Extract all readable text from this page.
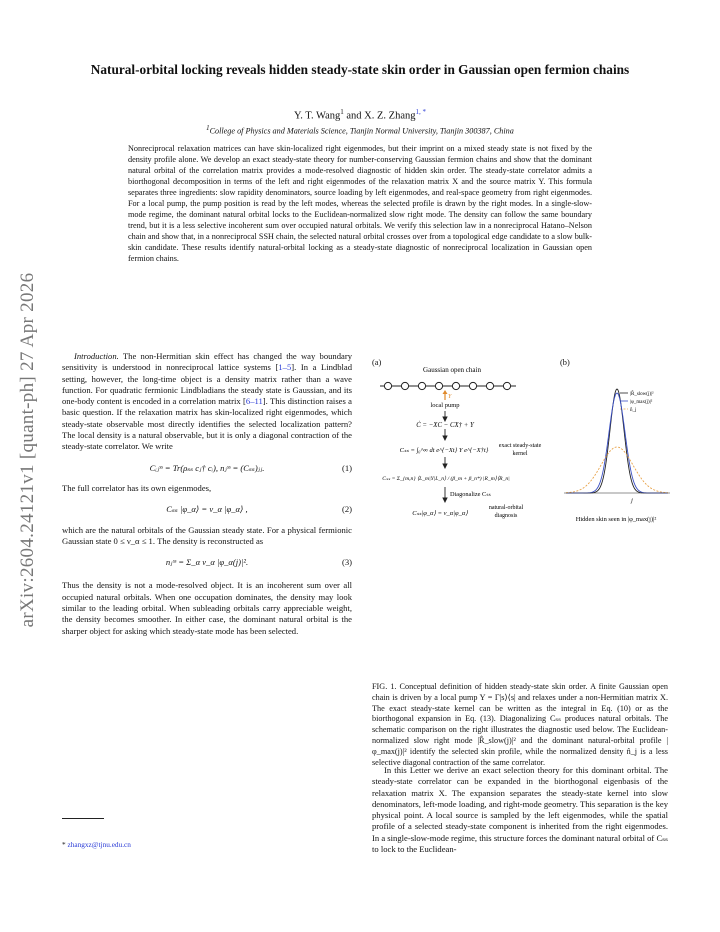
arXiv:2604.24121v1 [quant-ph] 27 Apr 2026
Natural-orbital locking reveals hidden steady-state skin order in Gaussian open fermion chains
Y. T. Wang$^1$ and X. Z. Zhang$^{1, *}$
$^1$College of Physics and Materials Science, Tianjin Normal University, Tianjin 300387, China
Nonreciprocal relaxation matrices can have skin-localized right eigenmodes, but their imprint on a mixed steady state is not fixed by the density profile alone. We develop an exact steady-state theory for number-conserving Gaussian fermion chains and show that the dominant natural orbital of the correlation matrix provides a mode-resolved diagnostic of hidden skin order. The steady-state correlator admits a biorthogonal decomposition in terms of the left and right eigenmodes of the relaxation matrix X and the source matrix Y. This formula separates three ingredients: slow rapidity denominators, source loading by left eigenmodes, and real-space geometry from right eigenmodes. For a local pump, the pump position is read by the left modes, whereas the selected profile is drawn by the right modes. In a single-slow-mode regime, the dominant natural orbital locks to the Euclidean-normalized slow right mode. The density can follow the same boundary trend, but it is a less selective incoherent sum over occupied natural orbitals. We verify this selection law in a nonreciprocal Hatano–Nelson chain and show that, in a nonreciprocal SSH chain, the selected natural orbital crosses over from a topological edge candidate to a slow bulk-skin candidate. These results identify natural-orbital locking as a steady-state diagnostic of nonreciprocal localization in Gaussian open fermion chains.

Introduction. The non-Hermitian skin effect has changed the way boundary sensitivity is understood in nonreciprocal lattice systems [1–5]. In a Lindblad setting, however, the long-time object is a density matrix rather than a wave function. For quadratic fermionic Lindbladians the steady state is Gaussian, and its one-body content is encoded in a correlation matrix [6–11]. This distinction raises a basic question. If the relaxation matrix has skin-localized right eigenmodes, which steady-state observable most directly identifies the selected localization pattern? The local density is a natural observable, but it is only a diagonal contraction of the steady-state correlator. We write

Cᵢⱼˢˢ = Tr(ρₛₛ cⱼ† cᵢ), nⱼˢˢ = (Cₛₛ)ⱼⱼ.	(1)

The full correlator has its own eigenmodes,

Cₛₛ |φ_α⟩ = ν_α |φ_α⟩ ,	(2)

which are the natural orbitals of the Gaussian steady state. For a physical fermionic Gaussian state 0 ≤ ν_α ≤ 1. The density is reconstructed as

nⱼˢˢ = Σ_α ν_α |φ_α(j)|².	(3)

Thus the density is not a mode-resolved object. It is an incoherent sum over all occupied natural orbitals. When one occupation dominates, the density may look similar to the leading orbital. When subleading orbitals carry appreciable weight, the density becomes smoother. In either case, the dominant natural orbital is the sharper object for asking which steady-state mode has been selected.

* zhangxz@tjnu.edu.cn
(a)	(b)
Gaussian open chain
Y
local pump
Ċ = −XC − CX† + Y
Cₛₛ = ∫₀^∞ dt e^{−Xt} Y e^{−X†t}
exact steady-state
kernel
Cₛₛ = Σ_{m,n} ⟨L_m|Y|L_n⟩ / (β_m + β_n*) |R_m⟩⟨R_n|
Diagonalize Cₛₛ
Cₛₛ|φ_α⟩ = ν_α|φ_α⟩
natural-orbital
diagnosis
|R̂_slow(j)|²
|φ_max(j)|²
n̂_j
j
Hidden skin seen in |φ_max(j)|²
FIG. 1. Conceptual definition of hidden steady-state skin order. A finite Gaussian open chain is driven by a local pump Y = Γ|s⟩⟨s| and relaxes under a non-Hermitian matrix X. The exact steady-state kernel can be written as the integral in Eq. (10) or as the biorthogonal expansion in Eq. (13). Diagonalizing Cₛₛ produces natural orbitals. The schematic comparison on the right illustrates the diagnostic used below. The Euclidean-normalized slow right mode |R̂_slow(j)|² and the dominant natural-orbital profile |φ_max(j)|² identify the selected skin profile, while the normalized density n̂_j is a less selective diagonal contraction of the same correlator.

In this Letter we derive an exact selection theory for this dominant orbital. The steady-state correlator can be expanded in the biorthogonal eigenbasis of the relaxation matrix X. The expansion separates the steady-state kernel into slow denominators, left-mode loading, and right-mode geometry. This separation is the key physical point. A local source is sampled by the left eigenmodes, while the spatial profile of a selected steady-state component is inherited from the right eigenmodes. In a single-slow-mode regime, this structure forces the dominant natural orbital of Cₛₛ to lock to the Euclidean-
